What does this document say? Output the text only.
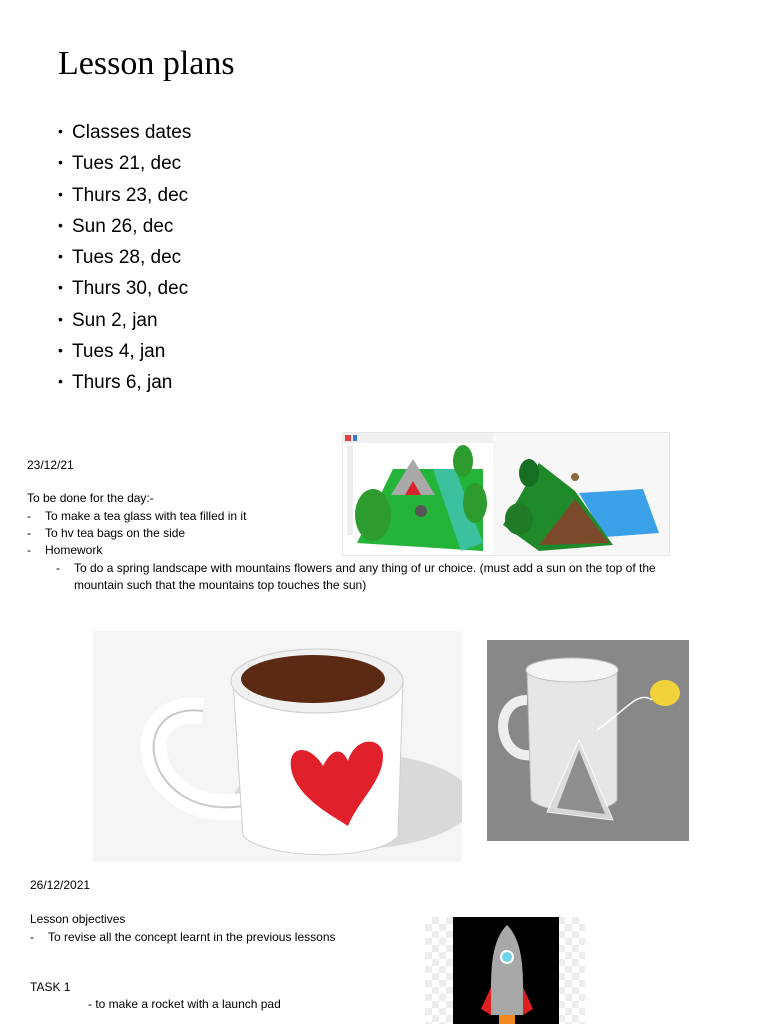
Lesson plans
• Classes dates
• Tues 21, dec
• Thurs 23, dec
• Sun 26, dec
• Tues 28, dec
• Thurs 30, dec
• Sun 2, jan
• Tues 4, jan
• Thurs 6, jan
23/12/21
To be done for the day:-
- To make a tea glass with tea filled in it
- To hv tea bags on the side
- Homework
- To do a spring landscape with mountains flowers and any thing of ur choice. (must add a sun on the top of the
mountain such that the mountains top touches the sun)
26/12/2021
Lesson objectives
- To revise all the concept learnt in the previous lessons
TASK 1
- to make a rocket with a launch pad
